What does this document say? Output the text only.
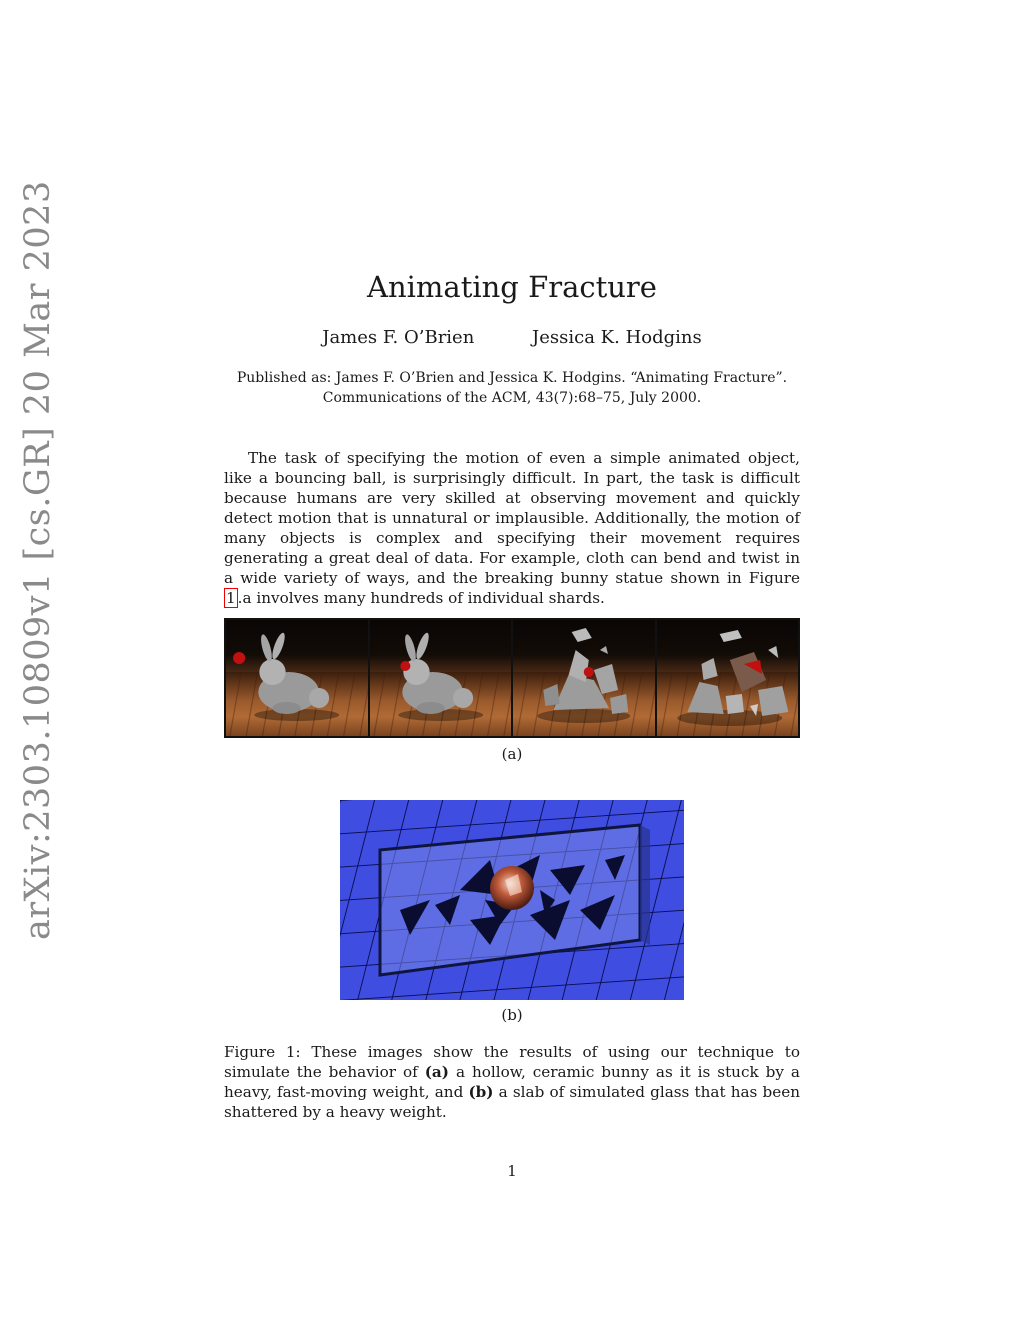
arXiv:2303.10809v1 [cs.GR] 20 Mar 2023	Animating Fracture
James F. O’Brien	Jessica K. Hodgins
Published as: James F. O’Brien and Jessica K. Hodgins. “Animating Fracture”.
Communications of the ACM, 43(7):68–75, July 2000.
The task of specifying the motion of even a simple animated object, like a bouncing ball, is surprisingly difficult. In part, the task is difficult because humans are very skilled at observing movement and quickly detect motion that is unnatural or implausible. Additionally, the motion of many objects is complex and specifying their movement requires generating a great deal of data. For example, cloth can bend and twist in a wide variety of ways, and the breaking bunny statue shown in Figure 1 .a involves many hundreds of individual shards.
(a)
(b)
Figure 1: These images show the results of using our technique to simulate the behavior of (a) a hollow, ceramic bunny as it is stuck by a heavy, fast-moving weight, and (b) a slab of simulated glass that has been shattered by a heavy weight.
1
